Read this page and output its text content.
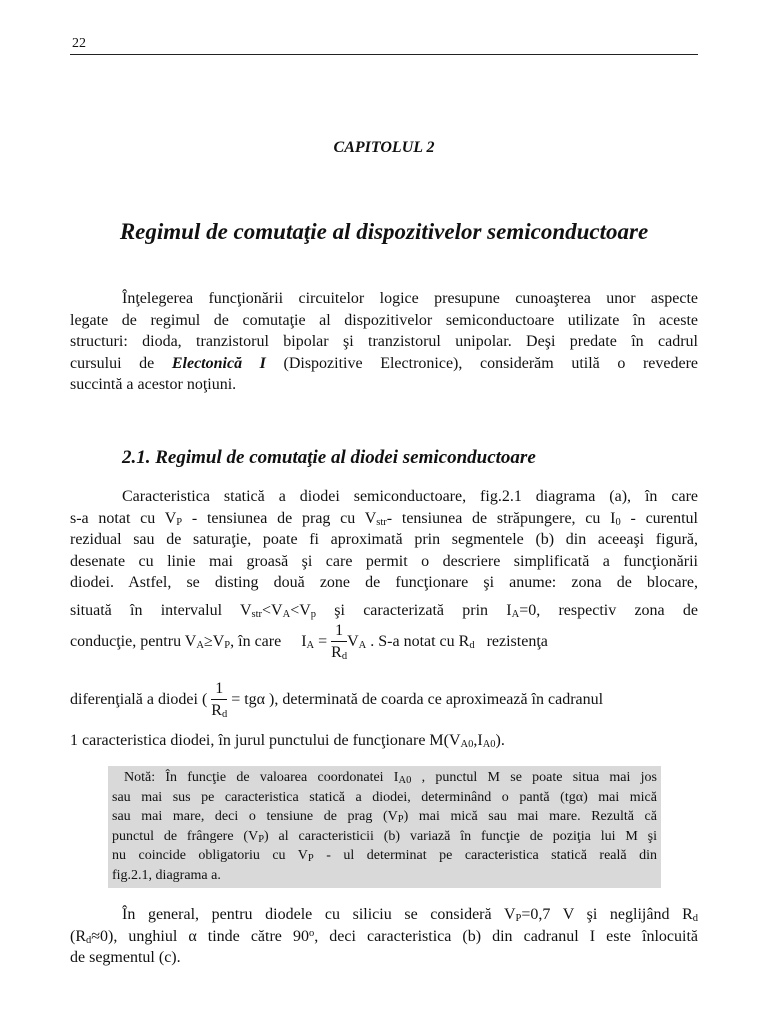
22
CAPITOLUL 2
Regimul de comutaţie al dispozitivelor semiconductoare
Înţelegerea funcţionării circuitelor logice presupune cunoaşterea unor aspecte
legate de regimul de comutaţie al dispozitivelor semiconductoare utilizate în aceste
structuri: dioda, tranzistorul bipolar şi tranzistorul unipolar. Deşi predate în cadrul
cursului de Electonică I (Dispozitive Electronice), considerăm utilă o revedere
succintă a acestor noţiuni.
2.1. Regimul de comutaţie al diodei semiconductoare
Caracteristica statică a diodei semiconductoare, fig.2.1 diagrama (a), în care
s-a notat cu $V_P$ - tensiunea de prag cu $V_{str}-$ tensiunea de străpungere, cu $I_0$ - curentul
rezidual sau de saturaţie, poate fi aproximată prin segmentele (b) din aceeaşi figură,
desenate cu linie mai groasă şi care permit o descriere simplificată a funcţionării
diodei. Astfel, se disting două zone de funcţionare şi anume: zona de blocare,
situată în intervalul $V_{str}<V_A<V_p$ şi caracterizată prin $I_A=0$, respectiv zona de
conducţie, pentru $V_A\ge V_P$, în care $I_A = \frac{1}{R_d} V_A$ . S-a notat cu $R_d$   rezistenţa
diferenţială a diodei ( $\frac{1}{R_d} = tg\alpha$ ), determinată de coarda ce aproximează în cadranul
1 caracteristica diodei, în jurul punctului de funcţionare $M(V_{A0},I_{A0})$.
Notă: În funcţie de valoarea coordonatei $I_{A0}$ , punctul M se poate situa mai jos
sau mai sus pe caracteristica statică a diodei, determinând o pantă (tgα) mai mică
sau mai mare, deci o tensiune de prag $(V_P)$ mai mică sau mai mare. Rezultă că
punctul de frângere $(V_P)$ al caracteristicii (b) variază în funcţie de poziţia lui M şi
nu coincide obligatoriu cu $V_P$ - ul determinat pe caracteristica statică reală din
fig.2.1, diagrama a.
În general, pentru diodele cu siliciu se consideră $V_P=0,7$ V şi neglijând $R_d$
$(R_d\approx 0)$, unghiul α tinde către 90$^o$, deci caracteristica (b) din cadranul I este înlocuită
de segmentul (c).
